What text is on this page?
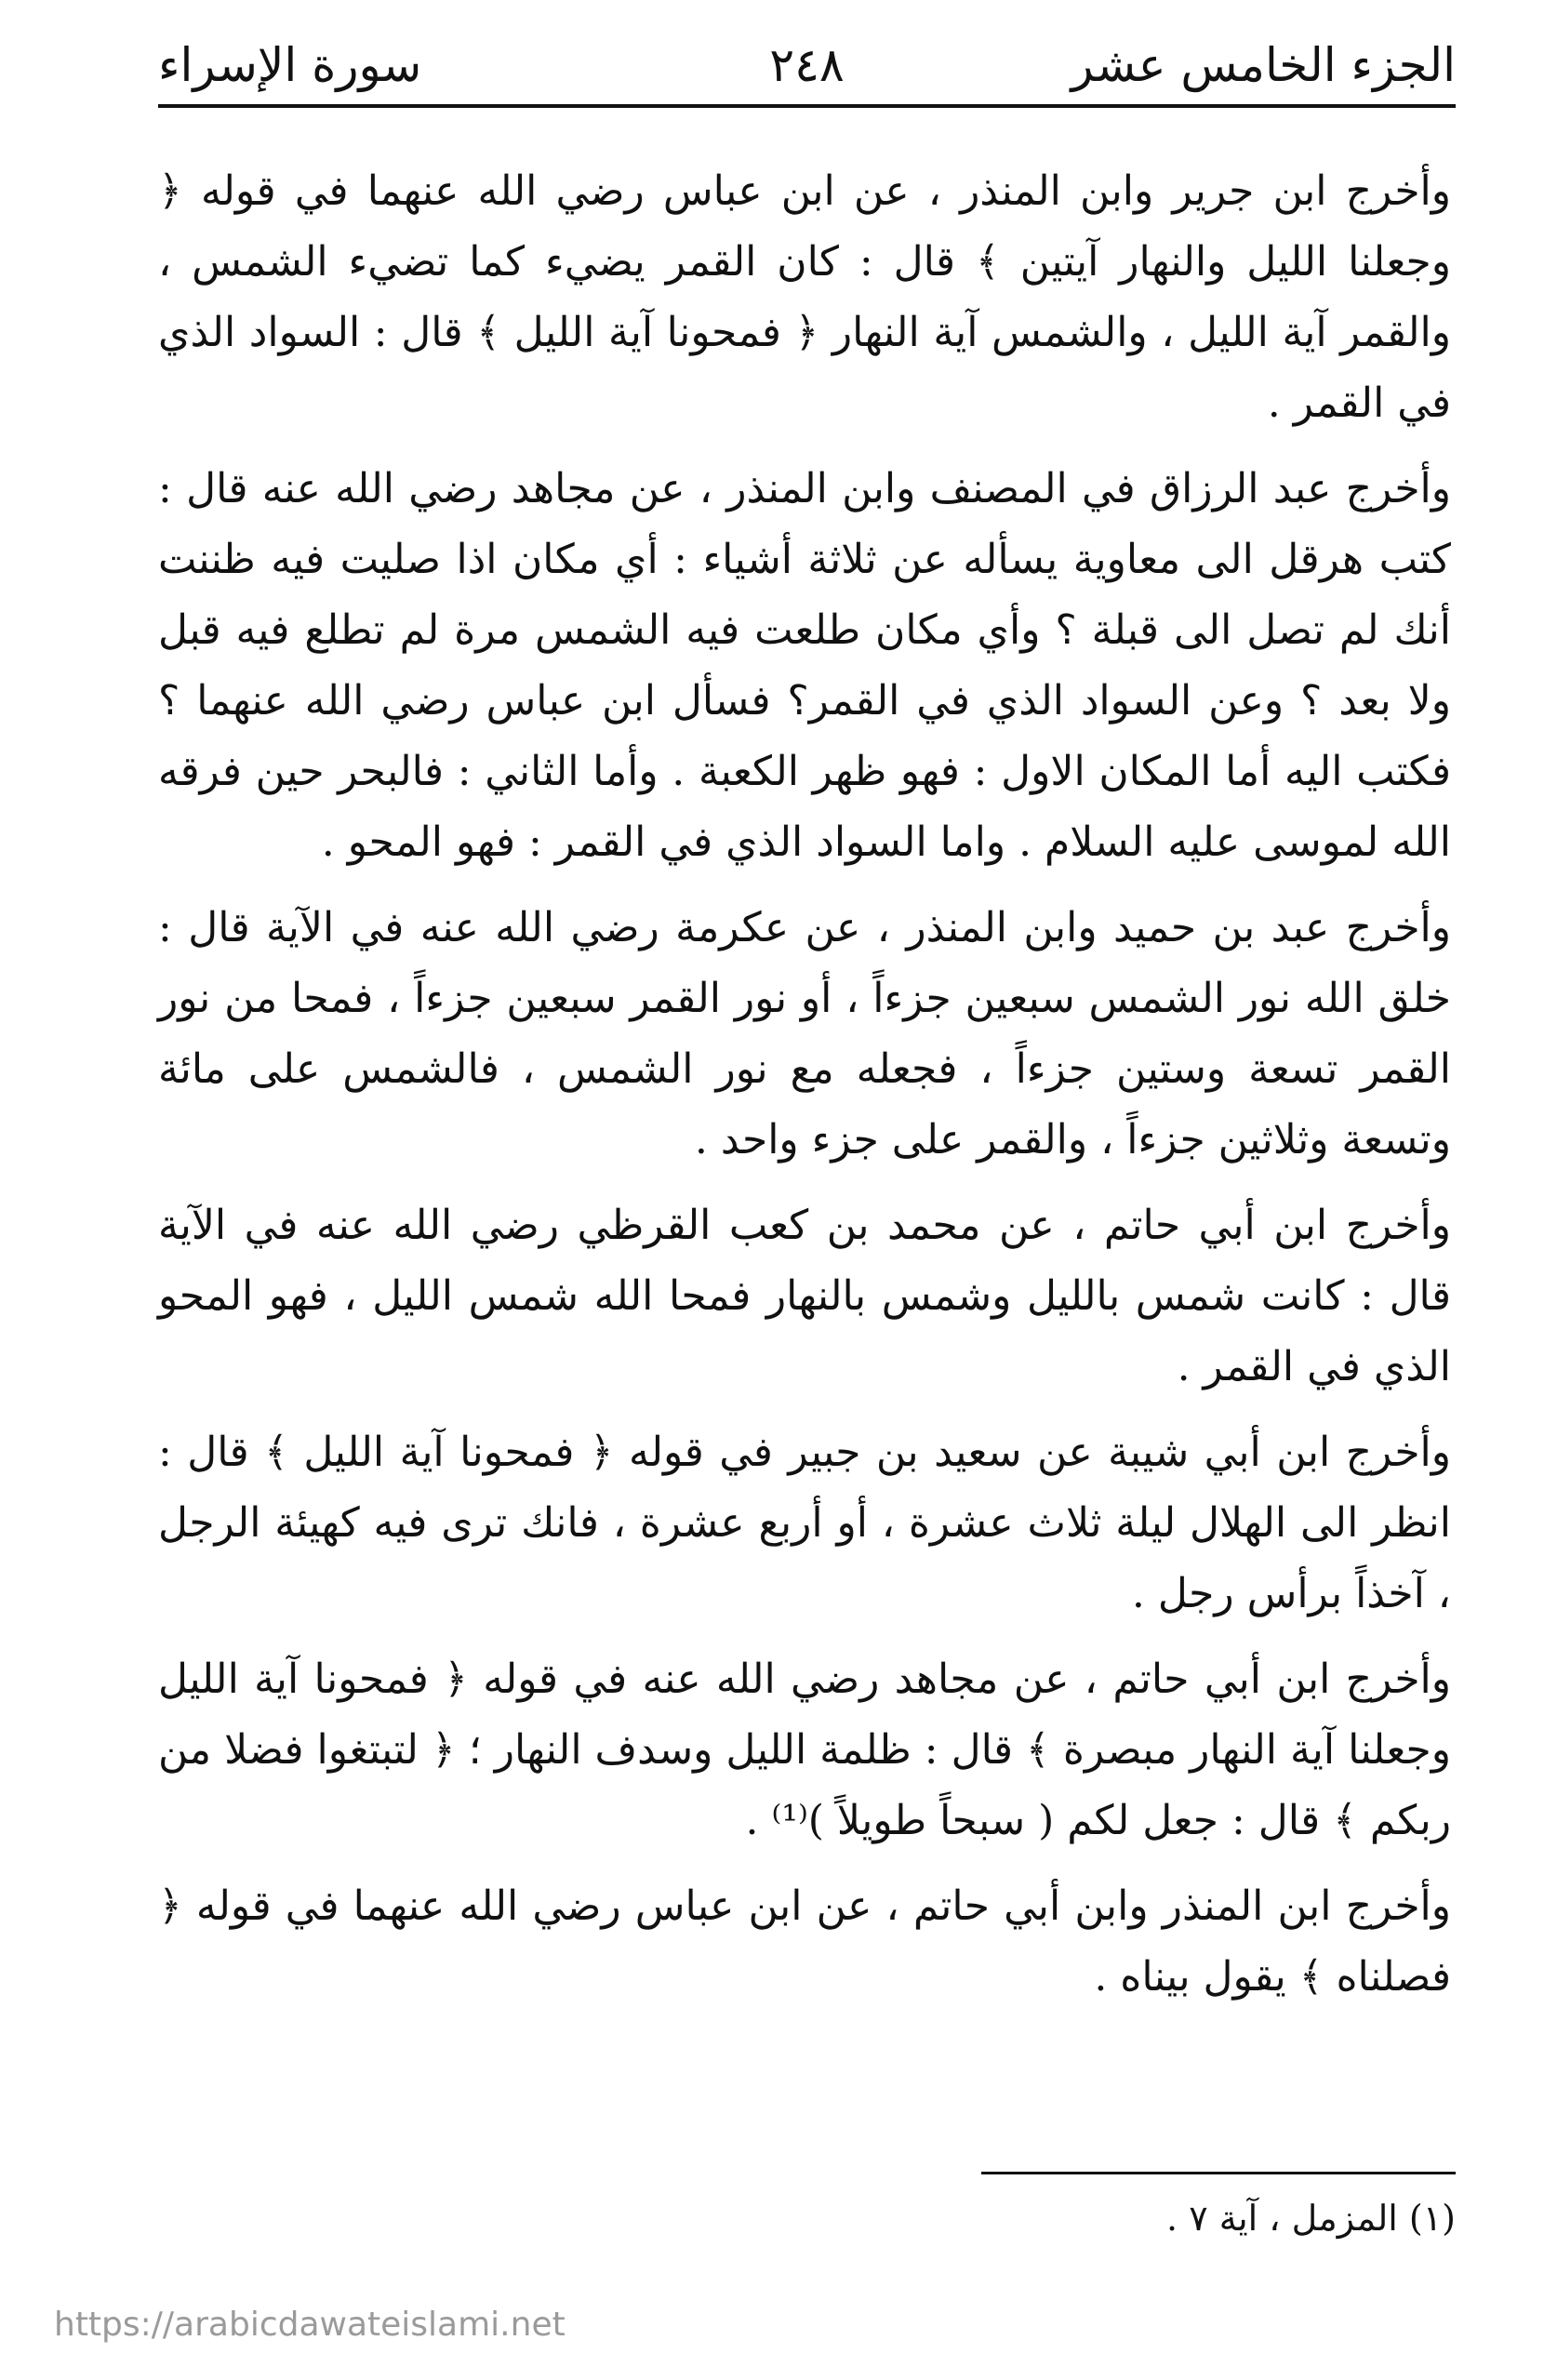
الجزء الخامس عشر
٢٤٨
سورة الإسراء

وأخرج ابن جرير وابن المنذر ، عن ابن عباس رضي الله عنهما في قوله ﴿ وجعلنا الليل والنهار آيتين ﴾ قال : كان القمر يضيء كما تضيء الشمس ، والقمر آية الليل ، والشمس آية النهار ﴿ فمحونا آية الليل ﴾ قال : السواد الذي في القمر .

وأخرج عبد الرزاق في المصنف وابن المنذر ، عن مجاهد رضي الله عنه قال : كتب هرقل الى معاوية يسأله عن ثلاثة أشياء : أي مكان اذا صليت فيه ظننت أنك لم تصل الى قبلة ؟ وأي مكان طلعت فيه الشمس مرة لم تطلع فيه قبل ولا بعد ؟ وعن السواد الذي في القمر؟ فسأل ابن عباس رضي الله عنهما ؟ فكتب اليه أما المكان الاول : فهو ظهر الكعبة . وأما الثاني : فالبحر حين فرقه الله لموسى عليه السلام . واما السواد الذي في القمر : فهو المحو .

وأخرج عبد بن حميد وابن المنذر ، عن عكرمة رضي الله عنه في الآية قال : خلق الله نور الشمس سبعين جزءاً ، أو نور القمر سبعين جزءاً ، فمحا من نور القمر تسعة وستين جزءاً ، فجعله مع نور الشمس ، فالشمس على مائة وتسعة وثلاثين جزءاً ، والقمر على جزء واحد .

وأخرج ابن أبي حاتم ، عن محمد بن كعب القرظي رضي الله عنه في الآية قال : كانت شمس بالليل وشمس بالنهار فمحا الله شمس الليل ، فهو المحو الذي في القمر .

وأخرج ابن أبي شيبة عن سعيد بن جبير في قوله ﴿ فمحونا آية الليل ﴾ قال : انظر الى الهلال ليلة ثلاث عشرة ، أو أربع عشرة ، فانك ترى فيه كهيئة الرجل ، آخذاً برأس رجل .

وأخرج ابن أبي حاتم ، عن مجاهد رضي الله عنه في قوله ﴿ فمحونا آية الليل وجعلنا آية النهار مبصرة ﴾ قال : ظلمة الليل وسدف النهار ؛ ﴿ لتبتغوا فضلا من ربكم ﴾ قال : جعل لكم ( سبحاً طويلاً )⁽¹⁾ .

وأخرج ابن المنذر وابن أبي حاتم ، عن ابن عباس رضي الله عنهما في قوله ﴿ فصلناه ﴾ يقول بيناه .

(١) المزمل ، آية ٧ .
https://arabicdawateislami.net
